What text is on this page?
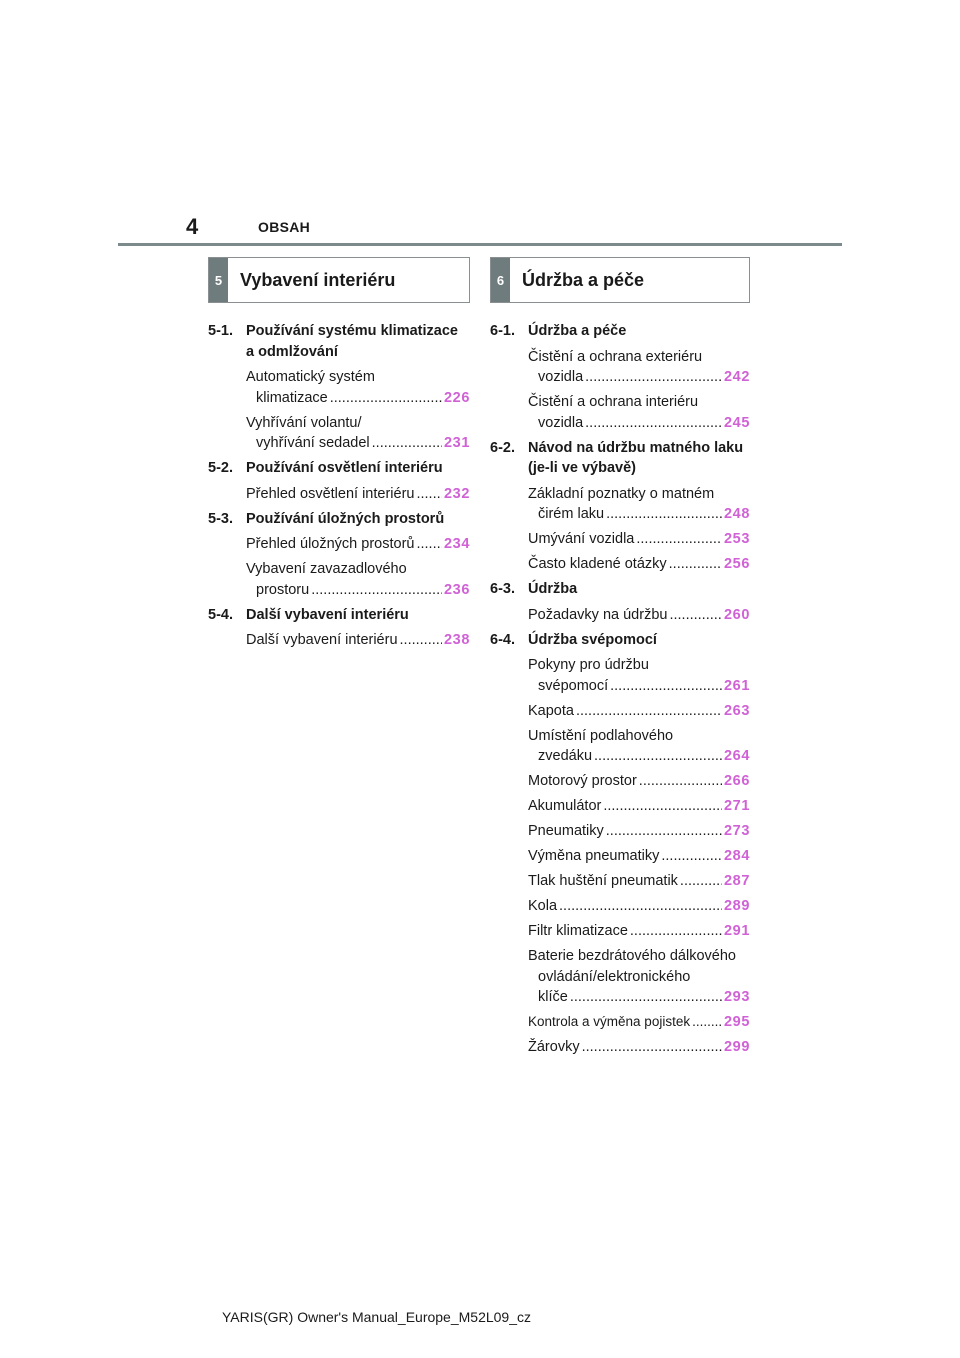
4	OBSAH
5 Vybavení interiéru
5-1. Používání systému klimatizace a odmlžování
Automatický systém
klimatizace .....	226
Vyhřívání volantu/
vyhřívání sedadel .....	231
5-2. Používání osvětlení interiéru
Přehled osvětlení interiéru ..... 232
5-3. Používání úložných prostorů
Přehled úložných prostorů ..... 234
Vybavení zavazadlového
prostoru .....	236
5-4. Další vybavení interiéru
Další vybavení interiéru .....	238
6 Údržba a péče
6-1. Údržba a péče
Čistění a ochrana exteriéru
vozidla .....	242
Čistění a ochrana interiéru
vozidla .....	245
6-2. Návod na údržbu matného laku (je-li ve výbavě)
Základní poznatky o matném
čirém laku .....	248
Umývání vozidla .....	253
Často kladené otázky .....	256
6-3. Údržba
Požadavky na údržbu .....	260
6-4. Údržba svépomocí
Pokyny pro údržbu
svépomocí .....	261
Kapota .....	263
Umístění podlahového
zvedáku .....	264
Motorový prostor .....	266
Akumulátor .....	271
Pneumatiky .....	273
Výměna pneumatiky .....	284
Tlak huštění pneumatik .....	287
Kola .....	289
Filtr klimatizace .....	291
Baterie bezdrátového dálkového
ovládání/elektronického
klíče .....	293
Kontrola a výměna pojistek ..... 295
Žárovky .....	299
YARIS(GR) Owner's Manual_Europe_M52L09_cz
